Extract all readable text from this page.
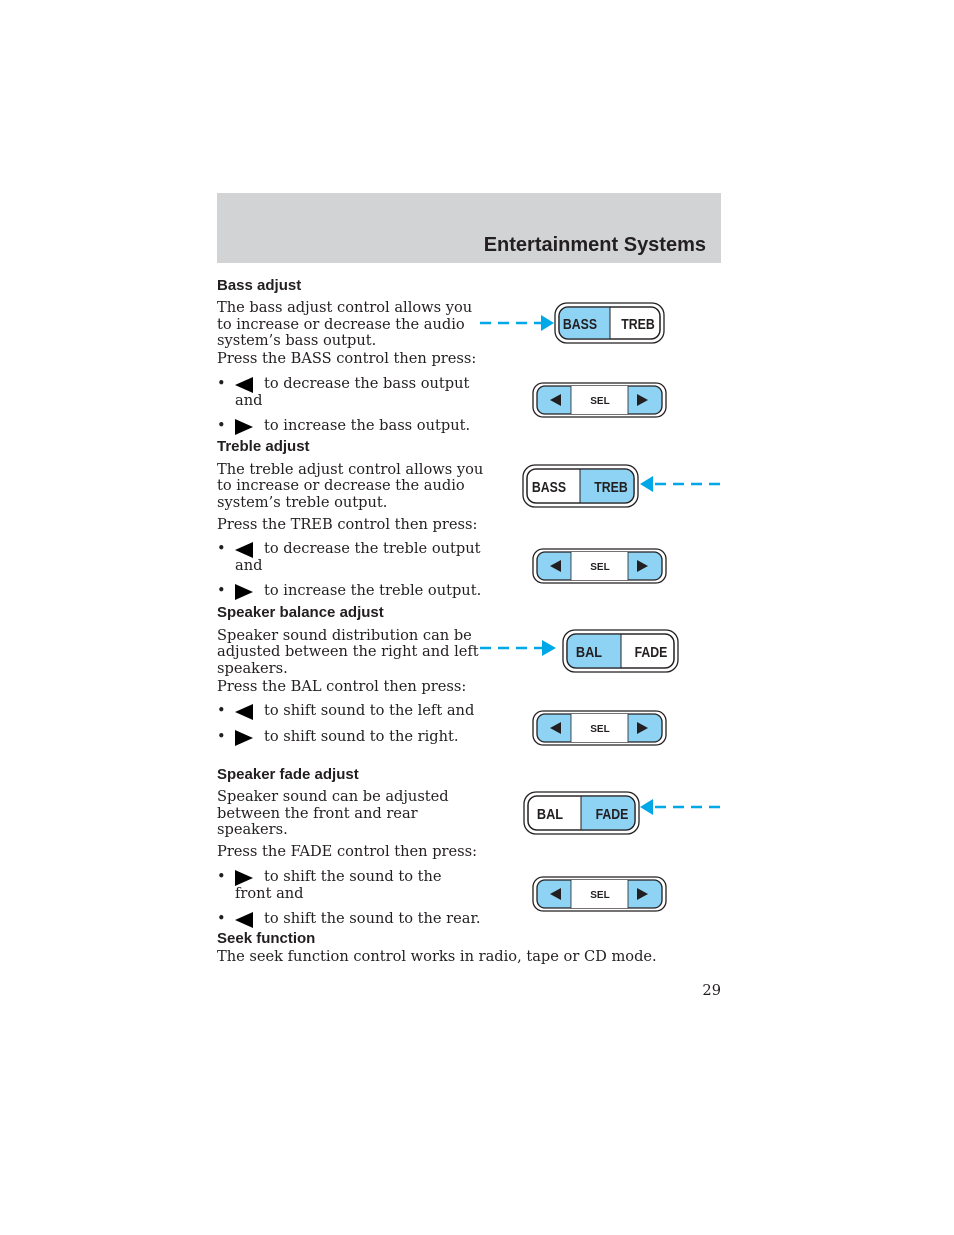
Entertainment Systems
Bass adjust

The bass adjust control allows you

to increase or decrease the audio

system’s bass output.

Press the BASS control then press:

•	to decrease the bass output
and
•	to increase the bass output.
Treble adjust

The treble adjust control allows you

to increase or decrease the audio

system’s treble output.

Press the TREB control then press:

•	to decrease the treble output
and
•	to increase the treble output.
Speaker balance adjust

Speaker sound distribution can be

adjusted between the right and left

speakers.

Press the BAL control then press:

•	to shift sound to the left and
•	to shift sound to the right.
Speaker fade adjust

Speaker sound can be adjusted

between the front and rear

speakers.

Press the FADE control then press:

•	to shift the sound to the
front and
•	to shift the sound to the rear.
Seek function

The seek function control works in radio, tape or CD mode.

29
BASS TREB
SEL
BASS TREB
SEL
BAL FADE
SEL
BAL FADE
SEL
